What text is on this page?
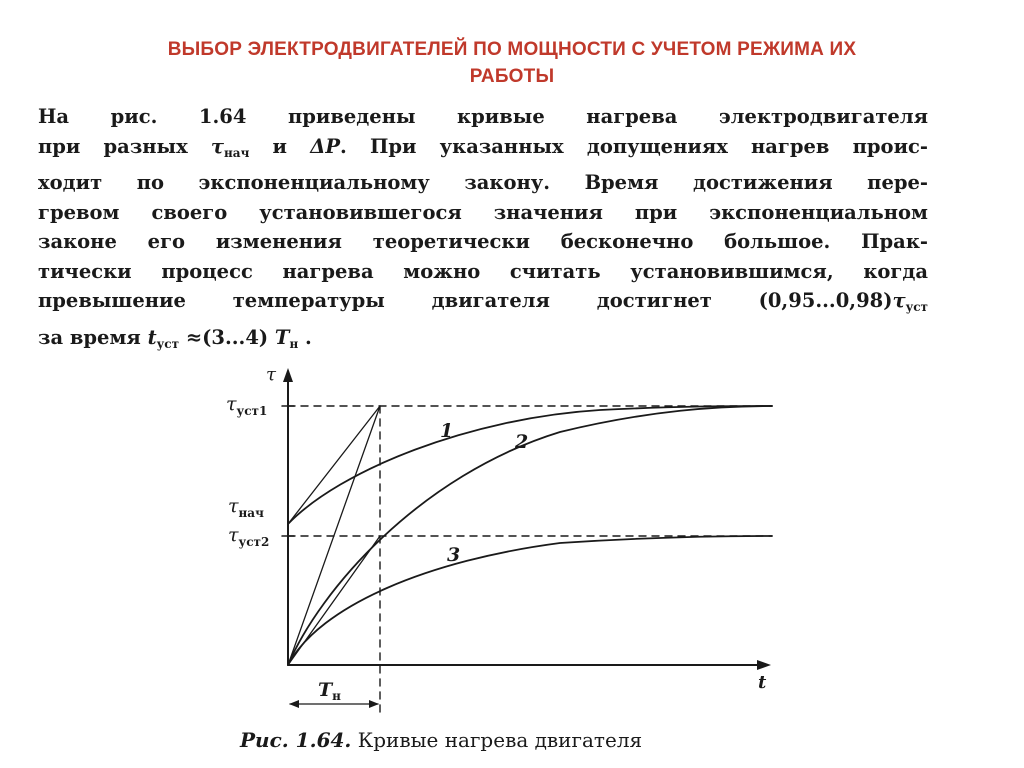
ВЫБОР ЭЛЕКТРОДВИГАТЕЛЕЙ ПО МОЩНОСТИ С УЧЕТОМ РЕЖИМА ИХ
РАБОТЫ
На рис. 1.64 приведены кривые нагрева электродвигателя
при разных $\tau_{нач}$ и ΔP. При указанных допущениях нагрев проис-
ходит по экспоненциальному закону. Время достижения пере-
гревом своего установившегося значения при экспоненциальном
законе его изменения теоретически бесконечно большое. Прак-
тически процесс нагрева можно считать установившимся, когда
превышение температуры двигателя достигнет $(0,95...0,98)\tau_{уст}$
за время $t_{уст} \approx(3...4)$ $T_н$ .
τ
t
$\tau_{уст1}$
$\tau_{нач}$
$\tau_{уст2}$
1	2
3
$T_н$
Рис. 1.64. Кривые нагрева двигателя
